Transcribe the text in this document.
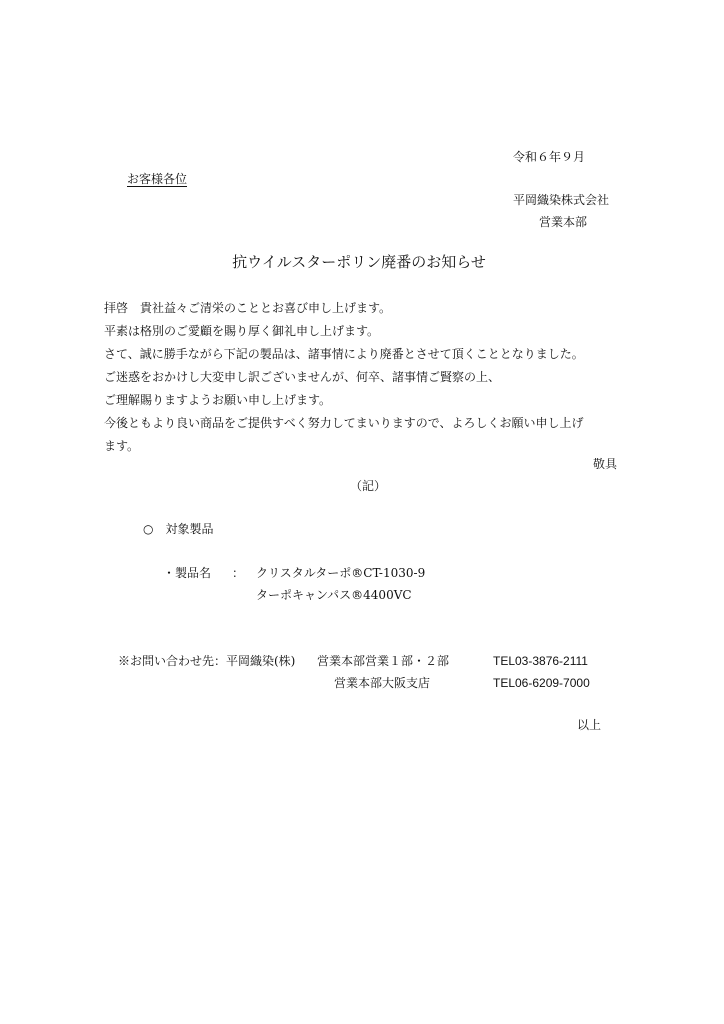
令和６年９月
お客様各位
平岡織染株式会社
営業本部
抗ウイルスターポリン廃番のお知らせ
拝啓　貴社益々ご清栄のこととお喜び申し上げます。
平素は格別のご愛顧を賜り厚く御礼申し上げます。
さて、誠に勝手ながら下記の製品は、諸事情により廃番とさせて頂くこととなりました。
ご迷惑をおかけし大変申し訳ございませんが、何卒、諸事情ご賢察の上、
ご理解賜りますようお願い申し上げます。
今後ともより良い商品をご提供すべく努力してまいりますので、よろしくお願い申し上げ
ます。
敬具
（記）
○　対象製品
・製品名 ： クリスタルターポ®CT-1030-9
ターポキャンパス®4400VC
※お問い合わせ先：平岡織染(株) 営業本部営業１部・２部	TEL03-3876-2111
営業本部大阪支店	TEL06-6209-7000
以上
